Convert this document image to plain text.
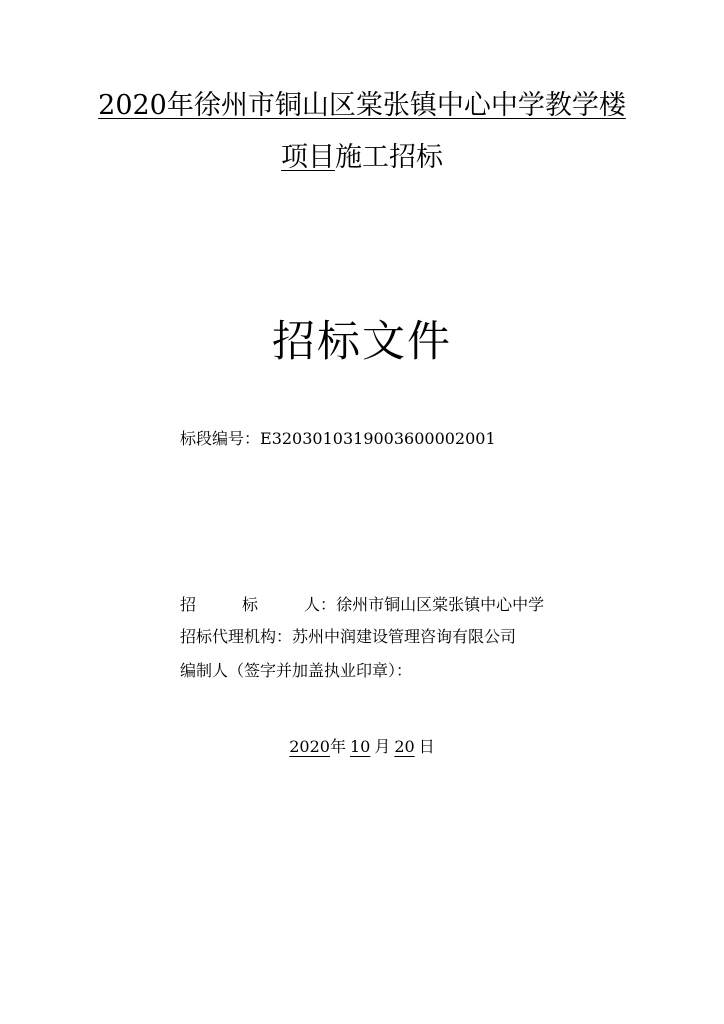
2020年徐州市铜山区棠张镇中心中学教学楼
项目施工招标
招标文件
标段编号：E3203010319003600002001
招	标	人：徐州市铜山区棠张镇中心中学
招标代理机构：苏州中润建设管理咨询有限公司
编制人（签字并加盖执业印章）：
2020年 10 月 20 日
